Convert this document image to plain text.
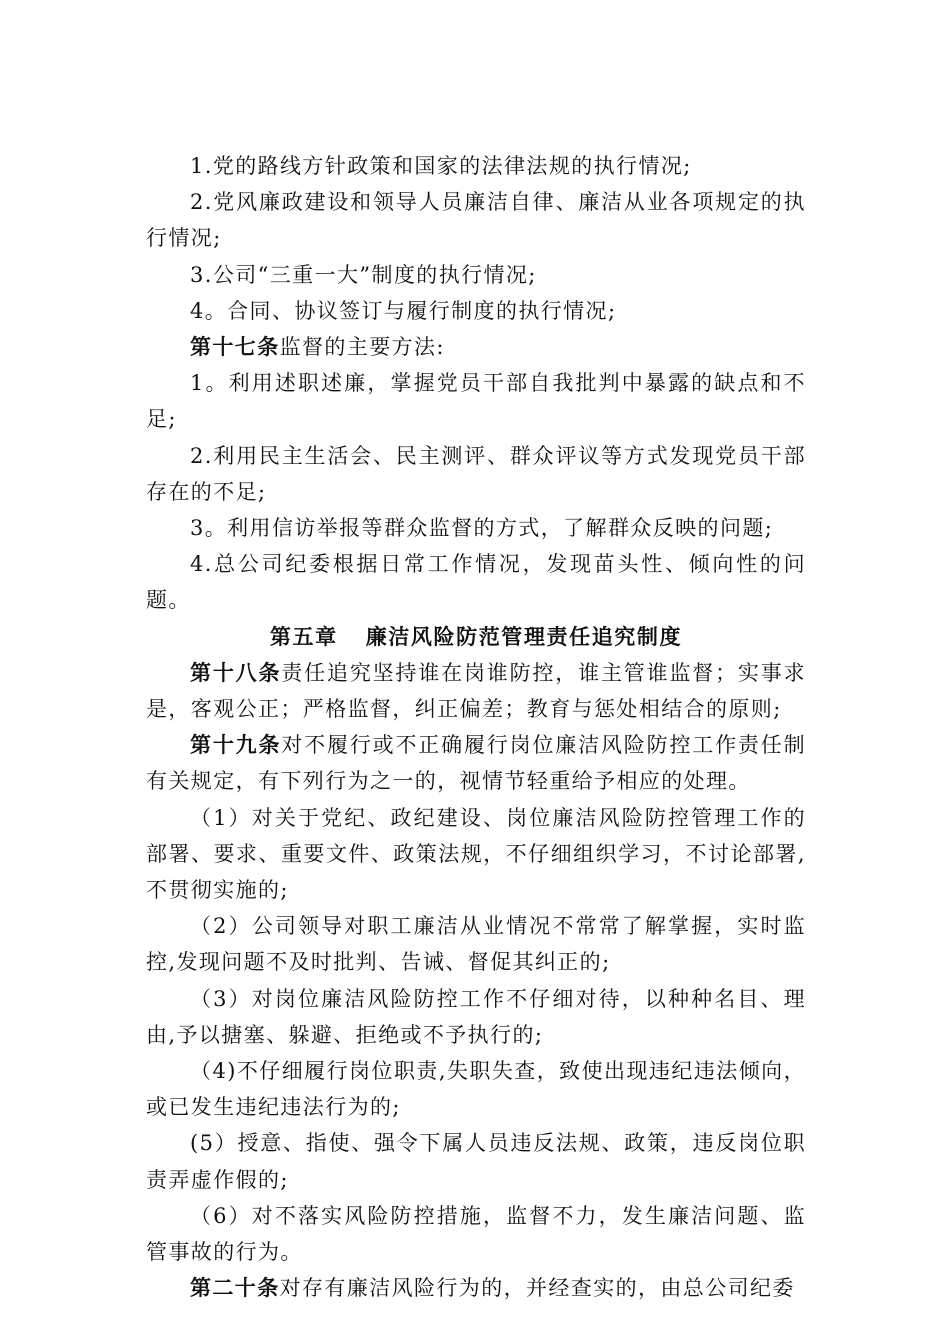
1.党的路线方针政策和国家的法律法规的执行情况;

2.党风廉政建设和领导人员廉洁自律、廉洁从业各项规定的执行情况;

3.公司“三重一大”制度的执行情况;

4。合同、协议签订与履行制度的执行情况;

第十七条监督的主要方法:

1。利用述职述廉，掌握党员干部自我批判中暴露的缺点和不足;

2.利用民主生活会、民主测评、群众评议等方式发现党员干部存在的不足;

3。利用信访举报等群众监督的方式，了解群众反映的问题;

4.总公司纪委根据日常工作情况，发现苗头性、倾向性的问题。

第五章 廉洁风险防范管理责任追究制度

第十八条责任追究坚持谁在岗谁防控，谁主管谁监督；实事求是，客观公正；严格监督，纠正偏差；教育与惩处相结合的原则;

第十九条对不履行或不正确履行岗位廉洁风险防控工作责任制有关规定，有下列行为之一的，视情节轻重给予相应的处理。

（1）对关于党纪、政纪建设、岗位廉洁风险防控管理工作的部署、要求、重要文件、政策法规，不仔细组织学习，不讨论部署,不贯彻实施的;

（2）公司领导对职工廉洁从业情况不常常了解掌握，实时监控,发现问题不及时批判、告诫、督促其纠正的;

（3）对岗位廉洁风险防控工作不仔细对待，以种种名目、理由,予以搪塞、躲避、拒绝或不予执行的;

（4)不仔细履行岗位职责,失职失查，致使出现违纪违法倾向，或已发生违纪违法行为的;

(5）授意、指使、强令下属人员违反法规、政策，违反岗位职责弄虚作假的;

（6）对不落实风险防控措施，监督不力，发生廉洁问题、监管事故的行为。

第二十条对存有廉洁风险行为的，并经查实的，由总公司纪委
